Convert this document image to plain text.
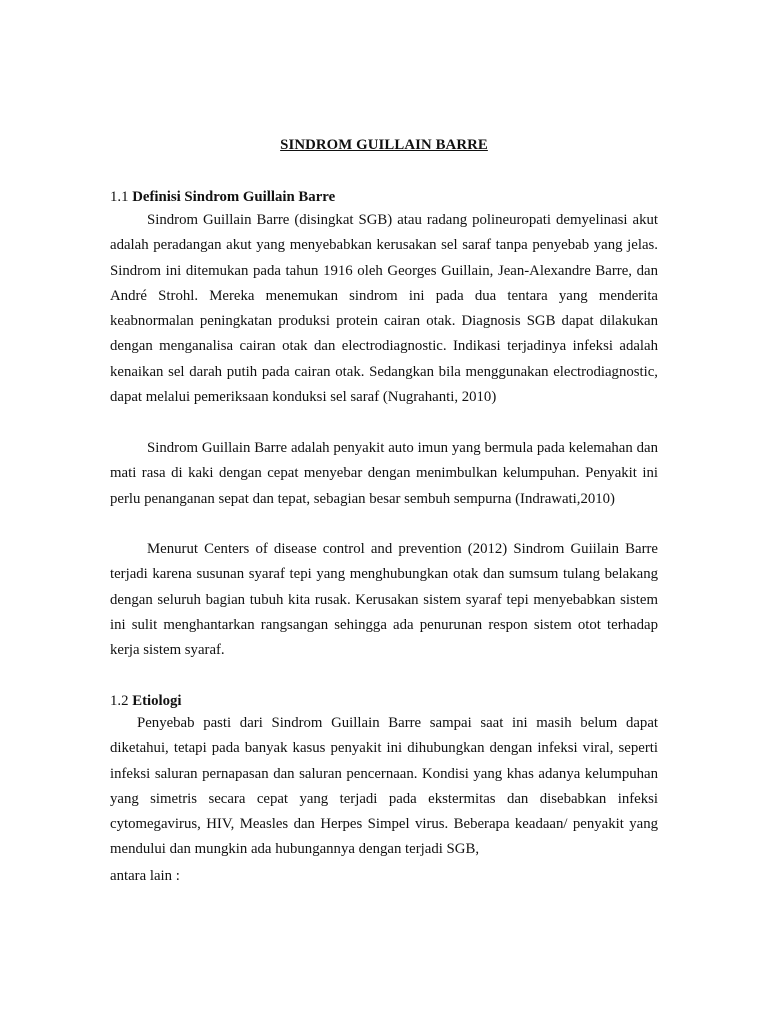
SINDROM GUILLAIN BARRE
1.1 Definisi Sindrom Guillain Barre

Sindrom Guillain Barre (disingkat SGB) atau radang polineuropati demyelinasi akut adalah peradangan akut yang menyebabkan kerusakan sel saraf tanpa penyebab yang jelas. Sindrom ini ditemukan pada tahun 1916 oleh Georges Guillain, Jean-Alexandre Barre, dan André Strohl. Mereka menemukan sindrom ini pada dua tentara yang menderita keabnormalan peningkatan produksi protein cairan otak. Diagnosis SGB dapat dilakukan dengan menganalisa cairan otak dan electrodiagnostic. Indikasi terjadinya infeksi adalah kenaikan sel darah putih pada cairan otak. Sedangkan bila menggunakan electrodiagnostic, dapat melalui pemeriksaan konduksi sel saraf (Nugrahanti, 2010)

Sindrom Guillain Barre adalah penyakit auto imun yang bermula pada kelemahan dan mati rasa di kaki dengan cepat menyebar dengan menimbulkan kelumpuhan. Penyakit ini perlu penanganan sepat dan tepat, sebagian besar sembuh sempurna (Indrawati,2010)

Menurut Centers of disease control and prevention (2012) Sindrom Guiilain Barre terjadi karena susunan syaraf tepi yang menghubungkan otak dan sumsum tulang belakang dengan seluruh bagian tubuh kita rusak. Kerusakan sistem syaraf tepi menyebabkan sistem ini sulit menghantarkan rangsangan sehingga ada penurunan respon sistem otot terhadap kerja sistem syaraf.

1.2 Etiologi

Penyebab pasti dari Sindrom Guillain Barre sampai saat ini masih belum dapat diketahui, tetapi pada banyak kasus penyakit ini dihubungkan dengan infeksi viral, seperti infeksi saluran pernapasan dan saluran pencernaan. Kondisi yang khas adanya kelumpuhan yang simetris secara cepat yang terjadi pada ekstermitas dan disebabkan infeksi cytomegavirus, HIV, Measles dan Herpes Simpel virus. Beberapa keadaan/ penyakit yang mendului dan mungkin ada hubungannya dengan terjadi SGB,

antara lain :
